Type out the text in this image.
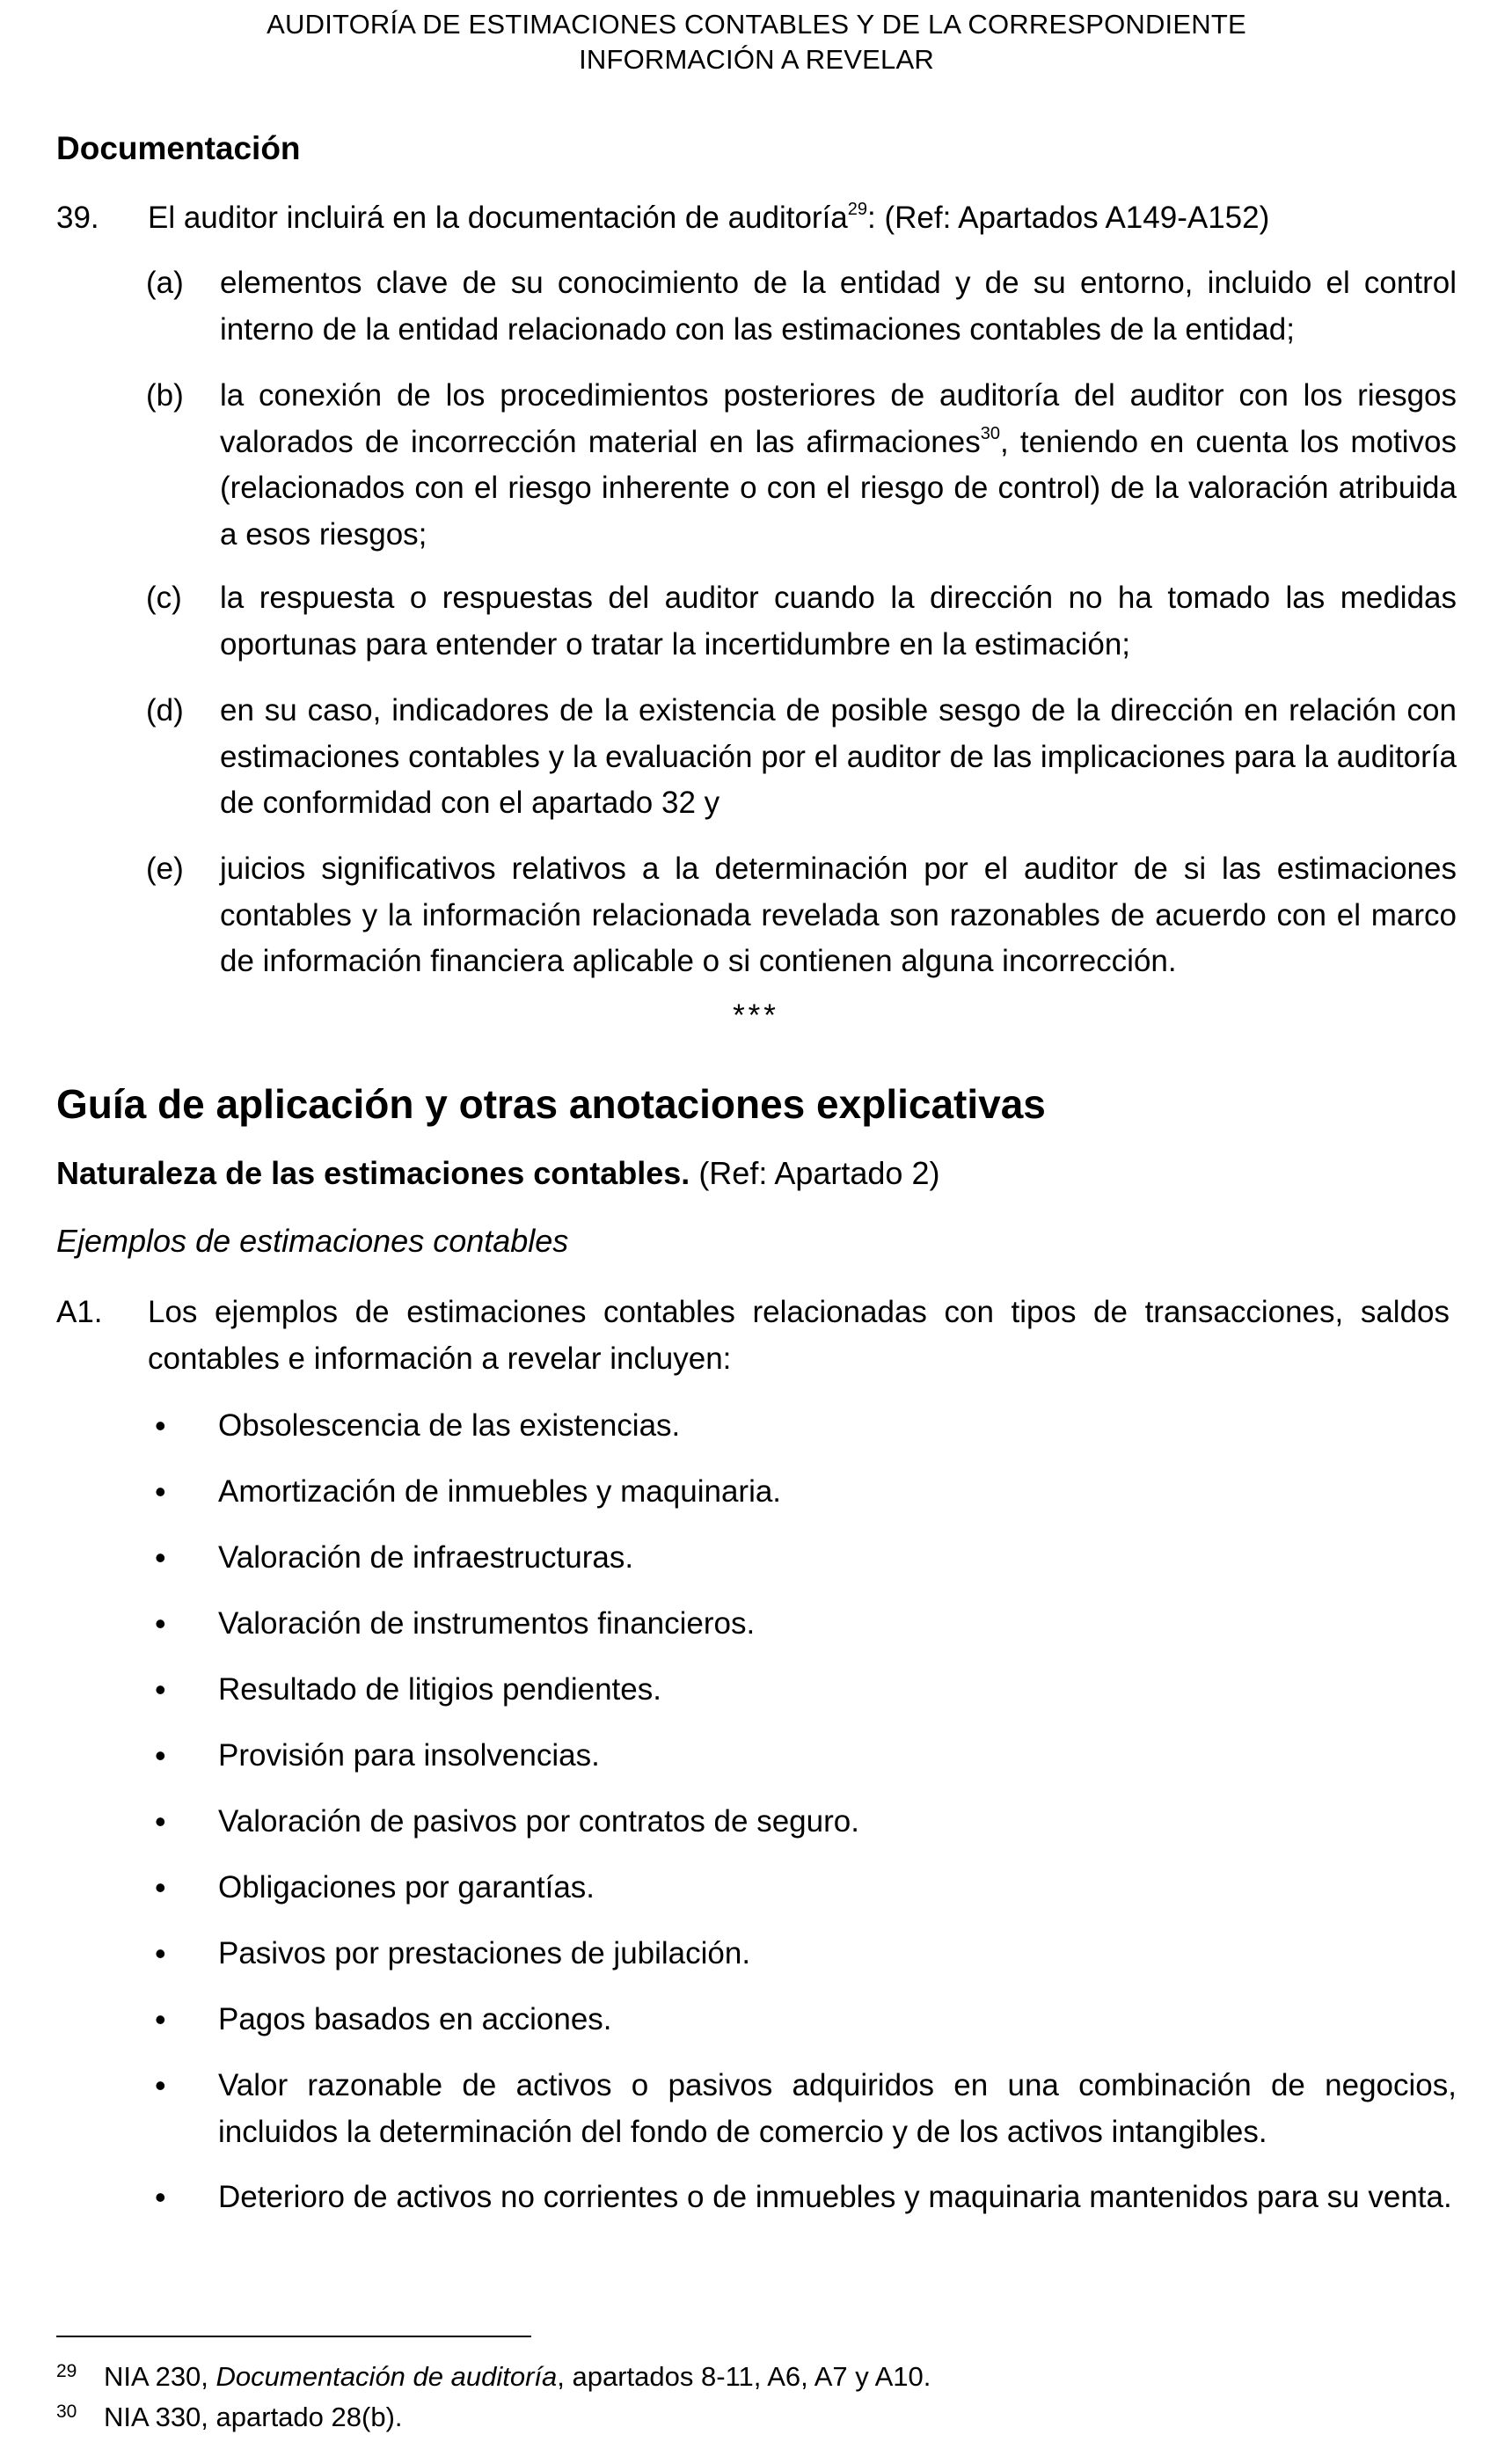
AUDITORÍA DE ESTIMACIONES CONTABLES Y DE LA CORRESPONDIENTE
INFORMACIÓN A REVELAR
Documentación
39. El auditor incluirá en la documentación de auditoría$^{29}$: (Ref: Apartados A149-A152)
(a) elementos clave de su conocimiento de la entidad y de su entorno, incluido el control interno de la entidad relacionado con las estimaciones contables de la entidad;
(b) la conexión de los procedimientos posteriores de auditoría del auditor con los riesgos valorados de incorrección material en las afirmaciones$^{30}$, teniendo en cuenta los motivos (relacionados con el riesgo inherente o con el riesgo de control) de la valoración atribuida a esos riesgos;
(c) la respuesta o respuestas del auditor cuando la dirección no ha tomado las medidas oportunas para entender o tratar la incertidumbre en la estimación;
(d) en su caso, indicadores de la existencia de posible sesgo de la dirección en relación con estimaciones contables y la evaluación por el auditor de las implicaciones para la auditoría de conformidad con el apartado 32 y
(e) juicios significativos relativos a la determinación por el auditor de si las estimaciones contables y la información relacionada revelada son razonables de acuerdo con el marco de información financiera aplicable o si contienen alguna incorrección.
***
Guía de aplicación y otras anotaciones explicativas
Naturaleza de las estimaciones contables. (Ref: Apartado 2)
Ejemplos de estimaciones contables
A1. Los ejemplos de estimaciones contables relacionadas con tipos de transacciones, saldos contables e información a revelar incluyen:
• Obsolescencia de las existencias.
• Amortización de inmuebles y maquinaria.
• Valoración de infraestructuras.
• Valoración de instrumentos financieros.
• Resultado de litigios pendientes.
• Provisión para insolvencias.
• Valoración de pasivos por contratos de seguro.
• Obligaciones por garantías.
• Pasivos por prestaciones de jubilación.
• Pagos basados en acciones.
• Valor razonable de activos o pasivos adquiridos en una combinación de negocios, incluidos la determinación del fondo de comercio y de los activos intangibles.
• Deterioro de activos no corrientes o de inmuebles y maquinaria mantenidos para su venta.
29 NIA 230, Documentación de auditoría, apartados 8-11, A6, A7 y A10.
30 NIA 330, apartado 28(b).
